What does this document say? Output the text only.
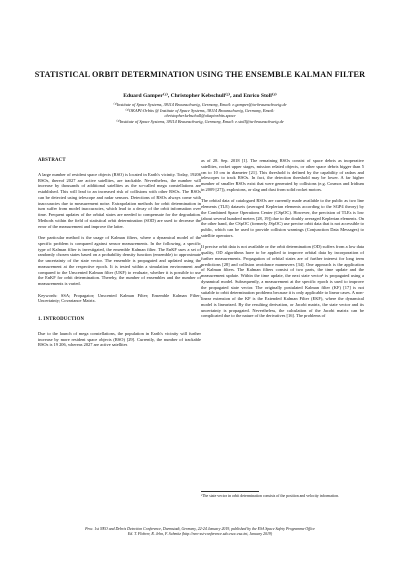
STATISTICAL ORBIT DETERMINATION USING THE ENSEMBLE KALMAN FILTER
Eduard Gamper⁽¹⁾, Christopher Kebschull⁽²⁾, and Enrico Stoll⁽³⁾
⁽¹⁾Institute of Space Systems, 38114 Braunschweig, Germany, Email: e.gamper@tu-braunschweig.de
⁽²⁾OKAPI:Orbits @ Institute of Space Systems, 38114 Braunschweig, Germany, Email:
christopher.kebschull@okapiorbits.space
⁽³⁾Institute of Space Systems, 38114 Braunschweig, Germany, Email: e.stoll@tu-braunschweig.de
ABSTRACT

A large number of resident space objects (RSO) is located in Earth's vicinity. Today, 19206 RSOs, thereof 2027 are active satellites, are trackable. Nevertheless, the number will increase by thousands of additional satellites as the so-called mega constellations are established. This will lead to an increased risk of collisions with other RSOs. The RSOs can be detected using telescope and radar sensors. Detections of RSOs always come with inaccuracies due to measurement noise. Extrapolation methods for orbit determination in turn suffer from model inaccuracies, which lead to a decay of the orbit information over time. Frequent updates of the orbital states are needed to compensate for the degradation. Methods within the field of statistical orbit determination (SOD) are used to decrease the error of the measurement and improve the latter.

One particular method is the usage of Kalman filters, where a dynamical model of the specific problem is compared against sensor measurements. In the following, a specific type of Kalman filter is investigated, the ensemble Kalman filter. The EnKF uses a set of randomly chosen states based on a probability density function (ensemble) to approximate the uncertainty of the state vector. The ensemble is propagated and updated using the measurement at the respective epoch. It is tested within a simulation environment and compared to the Unscented Kalman filter (UKF) to evaluate, whether it is possible to use the EnKF for orbit determination. Thereby, the number of ensembles and the number of measurements is varied.

Keywords: SSA; Propagator; Unscented Kalman Filter; Ensemble Kalman Filter; Uncertainty; Covariance Matrix.

1. INTRODUCTION

Due to the launch of mega constellations, the population in Earth's vicinity will further increase by more resident space objects (RSO) [29]. Currently, the number of trackable RSOs is 19 206, whereas 2027 are active satellites

as of 28. Sep. 2018 [1]. The remaining RSOs consist of space debris as inoperative satellites, rocket upper stages, mission related objects, or other space debris bigger than 5 cm to 10 cm in diameter [21]. This threshold is defined by the capability of radars and telescopes to track RSOs. In fact, the detection threshold may be lower. A far higher number of smaller RSOs exist that were generated by collisions (e.g. Cosmos and Iridium in 2009 [27]), explosions, or slag and dust from solid rocket motors.

The orbital data of catalogued RSOs are currently made available to the public as two line elements (TLE) datasets (averaged Keplerian elements according to the SGP4 theory) by the Combined Space Operations Center (CSpOC). However, the precision of TLEs is low (about several hundred meters [28, 19]) due to the doubly averaged Keplerian elements. On the other hand, the CSpOC (formerly JSpOC) use precise orbit data that is not accessible to public, which can be used to provide collision warnings (Conjunction Data Messages) to satellite operators.

If precise orbit data is not available or the orbit determination (OD) suffers from a low data quality, OD algorithms have to be applied to improve orbital data by incorporation of further measurements. Propagation of orbital states are of further interest for long term predictions [28] and collision avoidance maneuvers [34]. One approach is the application of Kalman filters. The Kalman filters consist of two parts, the time update and the measurement update. Within the time update, the next state vector¹ is propagated using a dynamical model. Subsequently, a measurement at the specific epoch is used to improve the propagated state vector. The originally postulated Kalman filter (KF) [17] is not suitable to orbit determination problems because it is only applicable to linear cases. A non-linear extension of the KF is the Extended Kalman Filter (EKF), where the dynamical model is linearized. By the resulting derivation, or Jacobi matrix, the state vector and its uncertainty is propagated. Nevertheless, the calculation of the Jacobi matrix can be complicated due to the nature of the derivatives [16]. The problems of

¹The state vector in orbit determination consists of the position and velocity information.
Proc. 1st NEO and Debris Detection Conference, Darmstadt, Germany, 22-24 January 2019, published by the ESA Space Safety Programme Office
Ed. T. Flohrer, R. Jehn, F. Schmitz (http://neo-sst-conference.sdo.esoc.esa.int, January 2019)
